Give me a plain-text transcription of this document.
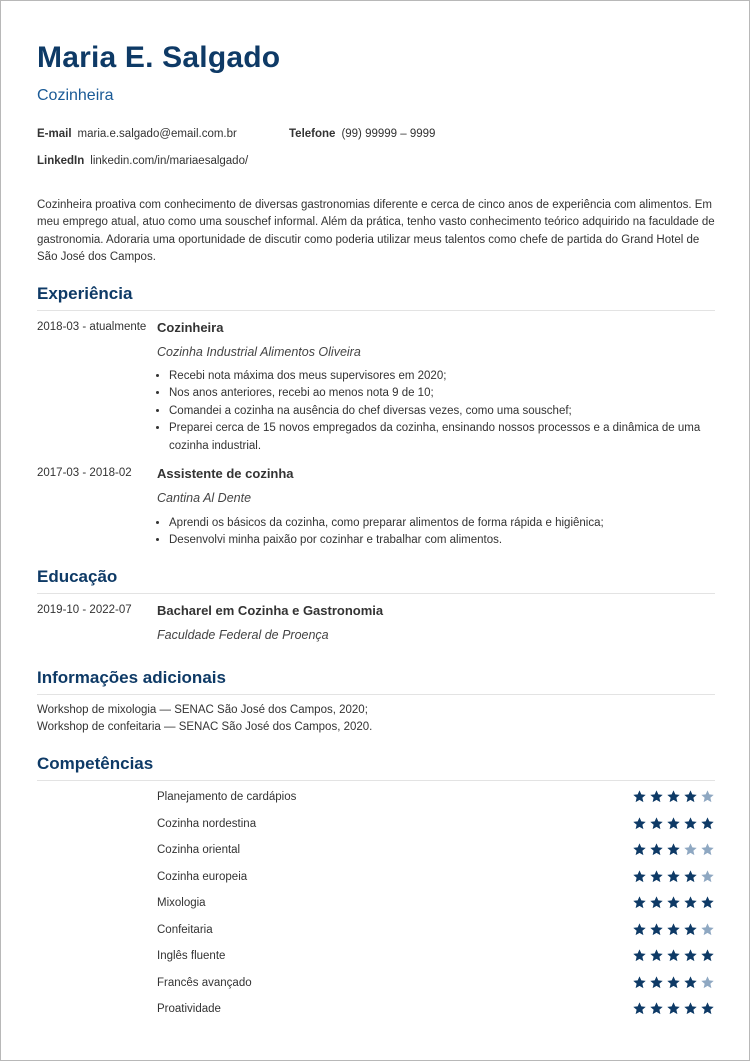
Maria E. Salgado
Cozinheira
E-mail maria.e.salgado@email.com.br	Telefone (99) 99999 – 9999
LinkedIn linkedin.com/in/mariaesalgado/
Cozinheira proativa com conhecimento de diversas gastronomias diferente e cerca de cinco anos de experiência com alimentos. Em meu emprego atual, atuo como uma souschef informal. Além da prática, tenho vasto conhecimento teórico adquirido na faculdade de gastronomia. Adoraria uma oportunidade de discutir como poderia utilizar meus talentos como chefe de partida do Grand Hotel de São José dos Campos.
Experiência
2018-03 - atualmente Cozinheira
Cozinha Industrial Alimentos Oliveira
• Recebi nota máxima dos meus supervisores em 2020;
• Nos anos anteriores, recebi ao menos nota 9 de 10;
• Comandei a cozinha na ausência do chef diversas vezes, como uma souschef;
• Preparei cerca de 15 novos empregados da cozinha, ensinando nossos processos e a dinâmica de uma cozinha industrial.
2017-03 - 2018-02 Assistente de cozinha
Cantina Al Dente
• Aprendi os básicos da cozinha, como preparar alimentos de forma rápida e higiênica;
• Desenvolvi minha paixão por cozinhar e trabalhar com alimentos.
Educação
2019-10 - 2022-07 Bacharel em Cozinha e Gastronomia
Faculdade Federal de Proença
Informações adicionais
Workshop de mixologia — SENAC São José dos Campos, 2020;
Workshop de confeitaria — SENAC São José dos Campos, 2020.
Competências
Planejamento de cardápios
Cozinha nordestina
Cozinha oriental
Cozinha europeia
Mixologia
Confeitaria
Inglês fluente
Francês avançado
Proatividade
